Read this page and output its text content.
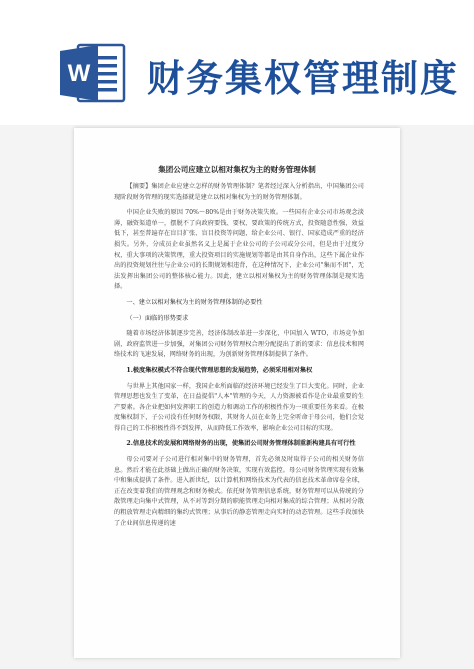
W 财务集权管理制度
集团公司应建立以相对集权为主的财务管理体制

【摘要】集团企业应建立怎样的财务管理体制？笔者经过深入分析指出，中国集团公司现阶段财务管理的现实选择就是建立以相对集权为主的财务管理体制。

中国企业失败的原因 70%～80%是由于财务决策失败。一些国有企业公司市场观念淡薄，融资渠道单一，摆脱不了向政府要钱、要权、要政策的传统方式，投资随意性强，效益低下，甚至普遍存在盲目扩张、盲目投资等问题，给企业公司、银行、国家造成严重的经济损失。另外，分成员企业虽然名义上是属于企业公司的子公司或分公司，但是由于过度分权，重大事项的决策管理，重大投资项目的实施规划等都是由其自身作出，这些下属企业作出的投资规划往往与企业公司的长期规划相违背，在这种情况下，企业公司"集而不团"，无法发挥出集团公司的整体核心能力。因此，建立以相对集权为主的财务管理体制是现实选择。

一、建立以相对集权为主的财务管理体制的必要性

（一）面临的形势要求

随着市场经济体制逐步完善，经济体制改革进一步深化，中国加入 WTO，市场竞争加剧，政府监管进一步加强，对集团公司财务管理权合理分配提出了新的要求：信息技术和网络技术的飞速发展，网络财务的出现，为创新财务管理体制提供了条件。

1.极度集权模式不符合现代管理思想的发展趋势，必须采用相对集权

与世界上其他国家一样，我国企业所面临的经济环境已经发生了巨大变化。同时，企业管理思想也发生了变革，在日益提倡"人本"管理的今天，人力资源被看作是企业最重要的生产要素。各企业把如何发挥职工的创造力和调动工作的积极性作为一项重要任务来看。在极度集权制下，子公司没有任何财务权限，其财务人员在业务上完全听命于母公司，他们会觉得自己的工作积极性得不到发挥，从而降低工作效率，影响企业公司目标的实现。

2.信息技术的发展和网络财务的出现，使集团公司财务管理体制重新构建具有可行性

母公司要对子公司进行相对集中的财务管理，首先必须及时取得子公司的相关财务信息。然后才能在此基础上做出正确的财务决策，实现有效监控。母公司财务管理实现有效集中和集成提供了条件。进入新世纪，以计算机和网络技术为代表的信息技术革命席卷全球，正在改变着我们的管理观念和财务模式。依托财务管理信息系统，财务管理可以从传统的分散管理走向集中式管理，从不对等到分期的职能管理走向相对集成的综合管理；从相对分散的粗放管理走向精细的集约式管理；从事后的静态管理走向实时的动态管理。这些手段加快了企业间信息传递的速
